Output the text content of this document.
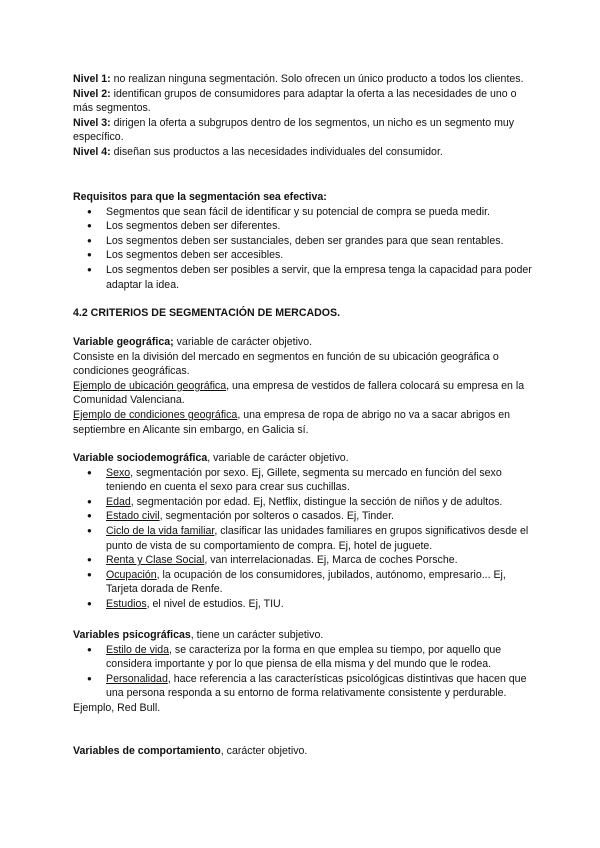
Nivel 1: no realizan ninguna segmentación. Solo ofrecen un único producto a todos los clientes.

Nivel 2: identifican grupos de consumidores para adaptar la oferta a las necesidades de uno o más segmentos.

Nivel 3: dirigen la oferta a subgrupos dentro de los segmentos, un nicho es un segmento muy específico.

Nivel 4: diseñan sus productos a las necesidades individuales del consumidor.

Requisitos para que la segmentación sea efectiva:

● Segmentos que sean fácil de identificar y su potencial de compra se pueda medir.
● Los segmentos deben ser diferentes.
● Los segmentos deben ser sustanciales, deben ser grandes para que sean rentables.
● Los segmentos deben ser accesibles.
● Los segmentos deben ser posibles a servir, que la empresa tenga la capacidad para poder adaptar la idea.

4.2 CRITERIOS DE SEGMENTACIÓN DE MERCADOS.

Variable geográfica; variable de carácter objetivo.

Consiste en la división del mercado en segmentos en función de su ubicación geográfica o condiciones geográficas.

Ejemplo de ubicación geográfica, una empresa de vestidos de fallera colocará su empresa en la Comunidad Valenciana.

Ejemplo de condiciones geográfica, una empresa de ropa de abrigo no va a sacar abrigos en septiembre en Alicante sin embargo, en Galicia sí.

Variable sociodemográfica, variable de carácter objetivo.

● Sexo, segmentación por sexo. Ej, Gillete, segmenta su mercado en función del sexo teniendo en cuenta el sexo para crear sus cuchillas.
● Edad, segmentación por edad. Ej, Netflix, distingue la sección de niños y de adultos.
● Estado civil, segmentación por solteros o casados. Ej, Tinder.
● Ciclo de la vida familiar, clasificar las unidades familiares en grupos significativos desde el punto de vista de su comportamiento de compra. Ej, hotel de juguete.
● Renta y Clase Social, van interrelacionadas. Ej, Marca de coches Porsche.
● Ocupación, la ocupación de los consumidores, jubilados, autónomo, empresario... Ej, Tarjeta dorada de Renfe.
● Estudios, el nivel de estudios. Ej, TIU.

Variables psicográficas, tiene un carácter subjetivo.

● Estilo de vida, se caracteriza por la forma en que emplea su tiempo, por aquello que considera importante y por lo que piensa de ella misma y del mundo que le rodea.
● Personalidad, hace referencia a las características psicológicas distintivas que hacen que una persona responda a su entorno de forma relativamente consistente y perdurable.

Ejemplo, Red Bull.

Variables de comportamiento, carácter objetivo.
